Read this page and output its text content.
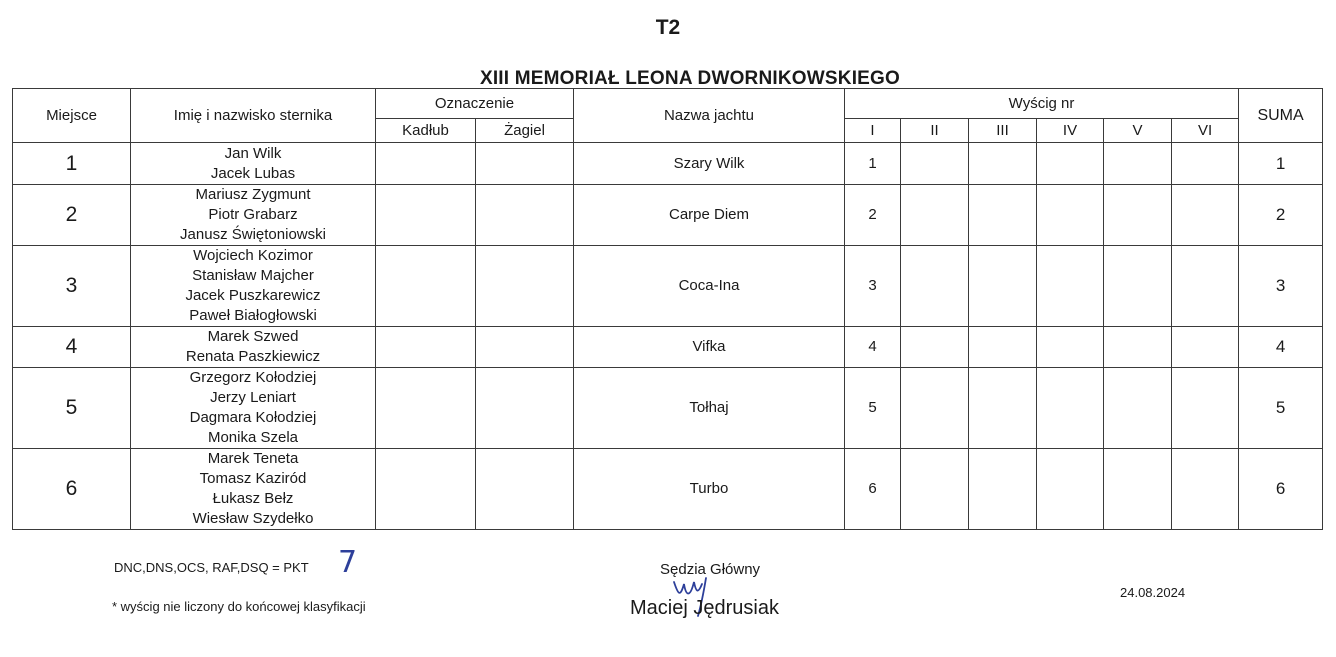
T2
XIII MEMORIAŁ LEONA DWORNIKOWSKIEGO
Miejsce	Imię i nazwisko sternika	Oznaczenie		Nazwa jachtu	Wyścig nr						SUMA
		Kadłub	Żagiel		I	II	III	IV	V	VI	
1	Jan Wilk
Jacek Lubas			Szary Wilk	1						1
2	Mariusz Zygmunt
Piotr Grabarz
Janusz Świętoniowski			Carpe Diem	2						2
3	Wojciech Kozimor
Stanisław Majcher
Jacek Puszkarewicz
Paweł Białogłowski			Coca-Ina	3						3
4	Marek Szwed
Renata Paszkiewicz			Vifka	4						4
5	Grzegorz Kołodziej
Jerzy Leniart
Dagmara Kołodziej
Monika Szela			Tołhaj	5						5
6	Marek Teneta
Tomasz Kaziród
Łukasz Bełz
Wiesław Szydełko			Turbo	6						6
DNC,DNS,OCS, RAF,DSQ = PKT 7
* wyścig nie liczony do końcowej klasyfikacji
Sędzia Główny
Maciej Jędrusiak
24.08.2024
